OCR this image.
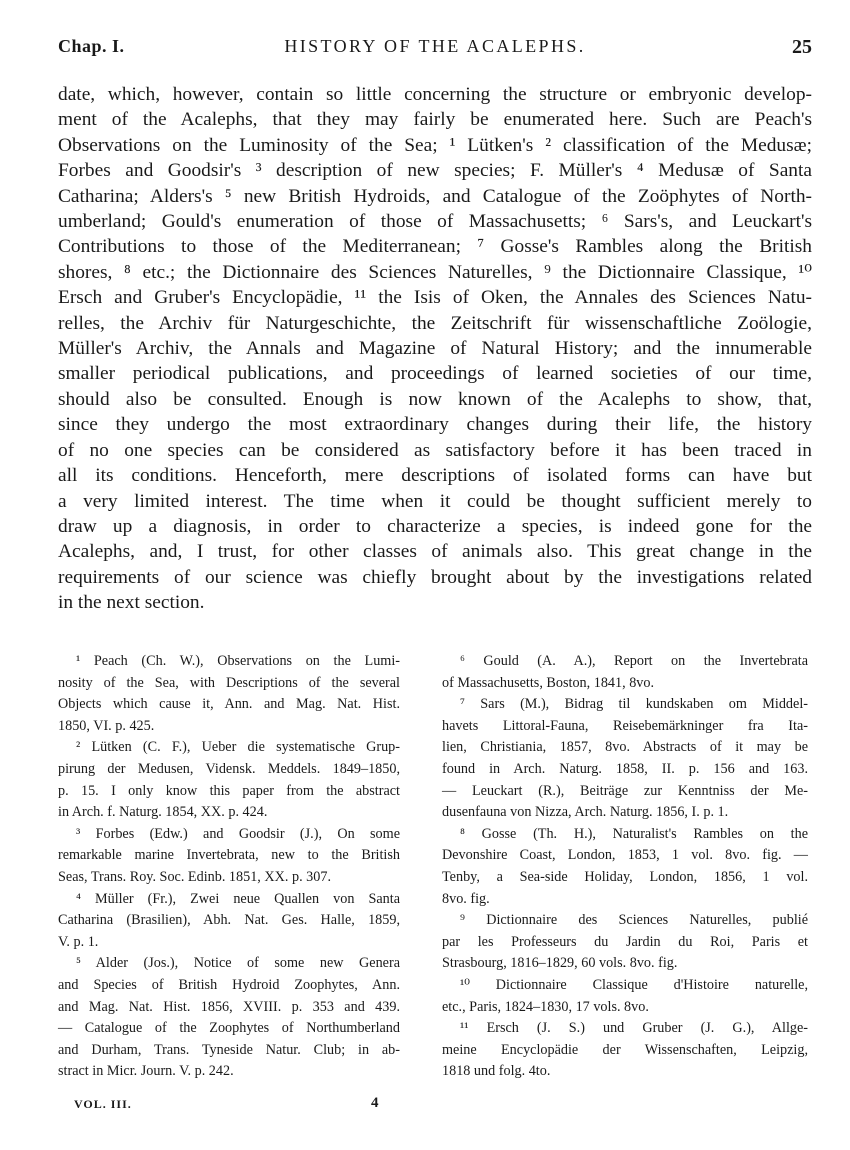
Chap. I.	HISTORY OF THE ACALEPHS.	25

date, which, however, contain so little concerning the structure or embryonic develop-

ment of the Acalephs, that they may fairly be enumerated here. Such are Peach's

Observations on the Luminosity of the Sea; ¹ Lütken's ² classification of the Medusæ;

Forbes and Goodsir's ³ description of new species; F. Müller's ⁴ Medusæ of Santa

Catharina; Alders's ⁵ new British Hydroids, and Catalogue of the Zoöphytes of North-

umberland; Gould's enumeration of those of Massachusetts; ⁶ Sars's, and Leuckart's

Contributions to those of the Mediterranean; ⁷ Gosse's Rambles along the British

shores, ⁸ etc.; the Dictionnaire des Sciences Naturelles, ⁹ the Dictionnaire Classique, ¹⁰

Ersch and Gruber's Encyclopädie, ¹¹ the Isis of Oken, the Annales des Sciences Natu-

relles, the Archiv für Naturgeschichte, the Zeitschrift für wissenschaftliche Zoölogie,

Müller's Archiv, the Annals and Magazine of Natural History; and the innumerable

smaller periodical publications, and proceedings of learned societies of our time,

should also be consulted. Enough is now known of the Acalephs to show, that,

since they undergo the most extraordinary changes during their life, the history

of no one species can be considered as satisfactory before it has been traced in

all its conditions. Henceforth, mere descriptions of isolated forms can have but

a very limited interest. The time when it could be thought sufficient merely to

draw up a diagnosis, in order to characterize a species, is indeed gone for the

Acalephs, and, I trust, for other classes of animals also. This great change in the

requirements of our science was chiefly brought about by the investigations related

in the next section.

¹ Peach (Ch. W.), Observations on the Lumi-

nosity of the Sea, with Descriptions of the several

Objects which cause it, Ann. and Mag. Nat. Hist.

1850, VI. p. 425.

² Lütken (C. F.), Ueber die systematische Grup-

pirung der Medusen, Vidensk. Meddels. 1849–1850,

p. 15. I only know this paper from the abstract

in Arch. f. Naturg. 1854, XX. p. 424.

³ Forbes (Edw.) and Goodsir (J.), On some

remarkable marine Invertebrata, new to the British

Seas, Trans. Roy. Soc. Edinb. 1851, XX. p. 307.

⁴ Müller (Fr.), Zwei neue Quallen von Santa

Catharina (Brasilien), Abh. Nat. Ges. Halle, 1859,

V. p. 1.

⁵ Alder (Jos.), Notice of some new Genera

and Species of British Hydroid Zoophytes, Ann.

and Mag. Nat. Hist. 1856, XVIII. p. 353 and 439.

— Catalogue of the Zoophytes of Northumberland

and Durham, Trans. Tyneside Natur. Club; in ab-

stract in Micr. Journ. V. p. 242.

⁶ Gould (A. A.), Report on the Invertebrata

of Massachusetts, Boston, 1841, 8vo.

⁷ Sars (M.), Bidrag til kundskaben om Middel-

havets Littoral-Fauna, Reisebemärkninger fra Ita-

lien, Christiania, 1857, 8vo. Abstracts of it may be

found in Arch. Naturg. 1858, II. p. 156 and 163.

— Leuckart (R.), Beiträge zur Kenntniss der Me-

dusenfauna von Nizza, Arch. Naturg. 1856, I. p. 1.

⁸ Gosse (Th. H.), Naturalist's Rambles on the

Devonshire Coast, London, 1853, 1 vol. 8vo. fig. —

Tenby, a Sea-side Holiday, London, 1856, 1 vol.

8vo. fig.

⁹ Dictionnaire des Sciences Naturelles, publié

par les Professeurs du Jardin du Roi, Paris et

Strasbourg, 1816–1829, 60 vols. 8vo. fig.

¹⁰ Dictionnaire Classique d'Histoire naturelle,

etc., Paris, 1824–1830, 17 vols. 8vo.

¹¹ Ersch (J. S.) und Gruber (J. G.), Allge-

meine Encyclopädie der Wissenschaften, Leipzig,

1818 und folg. 4to.

VOL. III.	4
